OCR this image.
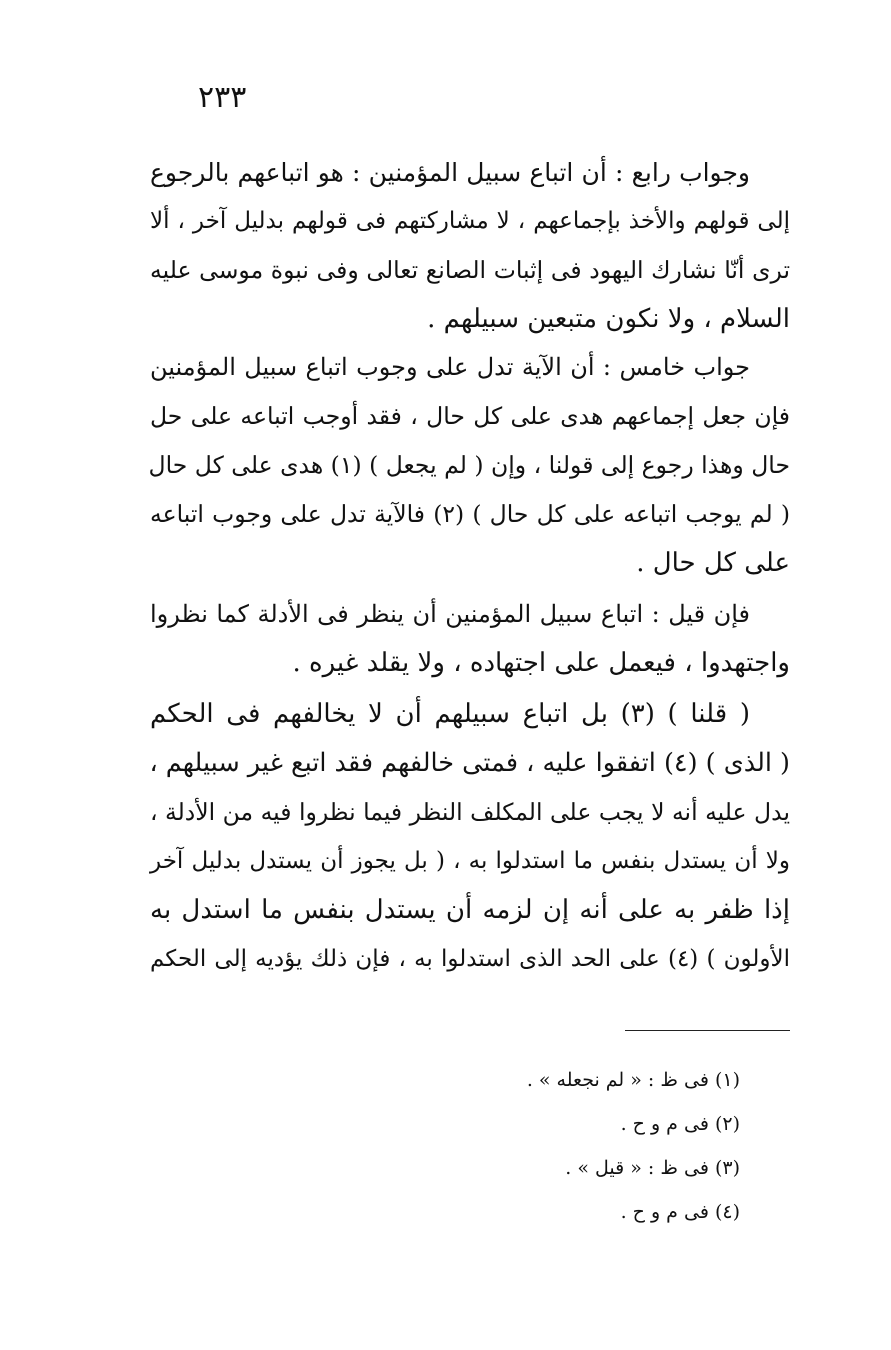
٢٣٣
وجواب رابع : أن اتباع سبيل المؤمنين : هو اتباعهم بالرجوع
إلى قولهم والأخذ بإجماعهم ، لا مشاركتهم فى قولهم بدليل آخر ، ألا
ترى أنّا نشارك اليهود فى إثبات الصانع تعالى وفى نبوة موسى عليه
السلام ، ولا نكون متبعين سبيلهم .
جواب خامس : أن الآية تدل على وجوب اتباع سبيل المؤمنين
فإن جعل إجماعهم هدى على كل حال ، فقد أوجب اتباعه على حل
حال وهذا رجوع إلى قولنا ، وإن ( لم يجعل ) (١) هدى على كل حال
( لم يوجب اتباعه على كل حال ) (٢) فالآية تدل على وجوب اتباعه
على كل حال .
فإن قيل : اتباع سبيل المؤمنين أن ينظر فى الأدلة كما نظروا
واجتهدوا ، فيعمل على اجتهاده ، ولا يقلد غيره .
( قلنا ) (٣) بل اتباع سبيلهم أن لا يخالفهم فى الحكم
( الذى ) (٤) اتفقوا عليه ، فمتى خالفهم فقد اتبع غير سبيلهم ،
يدل عليه أنه لا يجب على المكلف النظر فيما نظروا فيه من الأدلة ،
ولا أن يستدل بنفس ما استدلوا به ، ( بل يجوز أن يستدل بدليل آخر
إذا ظفر به على أنه إن لزمه أن يستدل بنفس ما استدل به
الأولون ) (٤) على الحد الذى استدلوا به ، فإن ذلك يؤديه إلى الحكم
(١) فى ظ : « لم نجعله » .
(٢) فى م و ح .
(٣) فى ظ : « قيل » .
(٤) فى م و ح .
